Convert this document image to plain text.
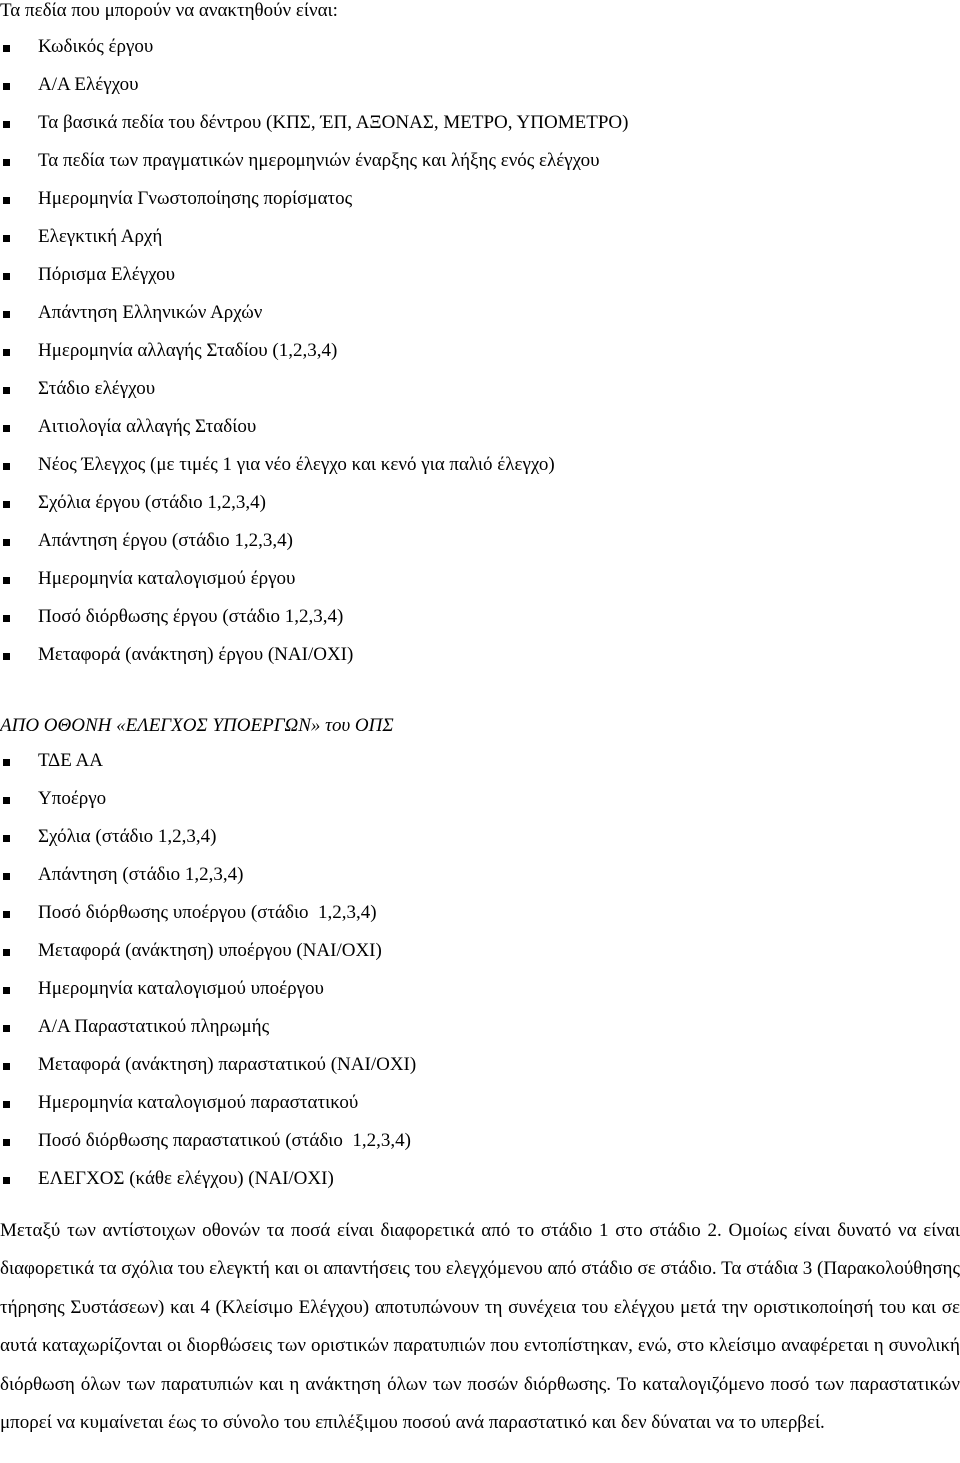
Τα πεδία που μπορούν να ανακτηθούν είναι:
Κωδικός έργου
Α/Α Ελέγχου
Τα βασικά πεδία του δέντρου (ΚΠΣ, ΈΠ, ΑΞΟΝΑΣ, ΜΕΤΡΟ, ΥΠΟΜΕΤΡΟ)
Τα πεδία των πραγματικών ημερομηνιών έναρξης και λήξης ενός ελέγχου
Ημερομηνία Γνωστοποίησης πορίσματος
Ελεγκτική Αρχή
Πόρισμα Ελέγχου
Απάντηση Ελληνικών Αρχών
Ημερομηνία αλλαγής Σταδίου (1,2,3,4)
Στάδιο ελέγχου
Αιτιολογία αλλαγής Σταδίου
Νέος Έλεγχος (με τιμές 1 για νέο έλεγχο και κενό για παλιό έλεγχο)
Σχόλια έργου (στάδιο 1,2,3,4)
Απάντηση έργου (στάδιο 1,2,3,4)
Ημερομηνία καταλογισμού έργου
Ποσό διόρθωσης έργου (στάδιο 1,2,3,4)
Μεταφορά (ανάκτηση) έργου (ΝΑΙ/ΟΧΙ)
ΑΠΟ ΟΘΟΝΗ «ΕΛΕΓΧΟΣ ΥΠΟΕΡΓΩΝ» του ΟΠΣ
ΤΔΕ ΑΑ
Υποέργο
Σχόλια (στάδιο 1,2,3,4)
Απάντηση (στάδιο 1,2,3,4)
Ποσό διόρθωσης υποέργου (στάδιο  1,2,3,4)
Μεταφορά (ανάκτηση) υποέργου (ΝΑΙ/ΟΧΙ)
Ημερομηνία καταλογισμού υποέργου
Α/Α Παραστατικού πληρωμής
Μεταφορά (ανάκτηση) παραστατικού (ΝΑΙ/ΟΧΙ)
Ημερομηνία καταλογισμού παραστατικού
Ποσό διόρθωσης παραστατικού (στάδιο  1,2,3,4)
ΕΛΕΓΧΟΣ (κάθε ελέγχου) (ΝΑΙ/ΟΧΙ)

Μεταξύ των αντίστοιχων οθονών τα ποσά είναι διαφορετικά από το στάδιο 1 στο στάδιο 2. Ομοίως είναι δυνατό να είναι διαφορετικά τα σχόλια του ελεγκτή και οι απαντήσεις του ελεγχόμενου από στάδιο σε στάδιο. Τα στάδια 3 (Παρακολούθησης τήρησης Συστάσεων) και 4 (Κλείσιμο Ελέγχου) αποτυπώνουν τη συνέχεια του ελέγχου μετά την οριστικοποίησή του και σε αυτά καταχωρίζονται οι διορθώσεις των οριστικών παρατυπιών που εντοπίστηκαν, ενώ, στο κλείσιμο αναφέρεται η συνολική διόρθωση όλων των παρατυπιών και η ανάκτηση όλων των ποσών διόρθωσης. Το καταλογιζόμενο ποσό των παραστατικών μπορεί να κυμαίνεται έως το σύνολο του επιλέξιμου ποσού ανά παραστατικό και δεν δύναται να το υπερβεί.
